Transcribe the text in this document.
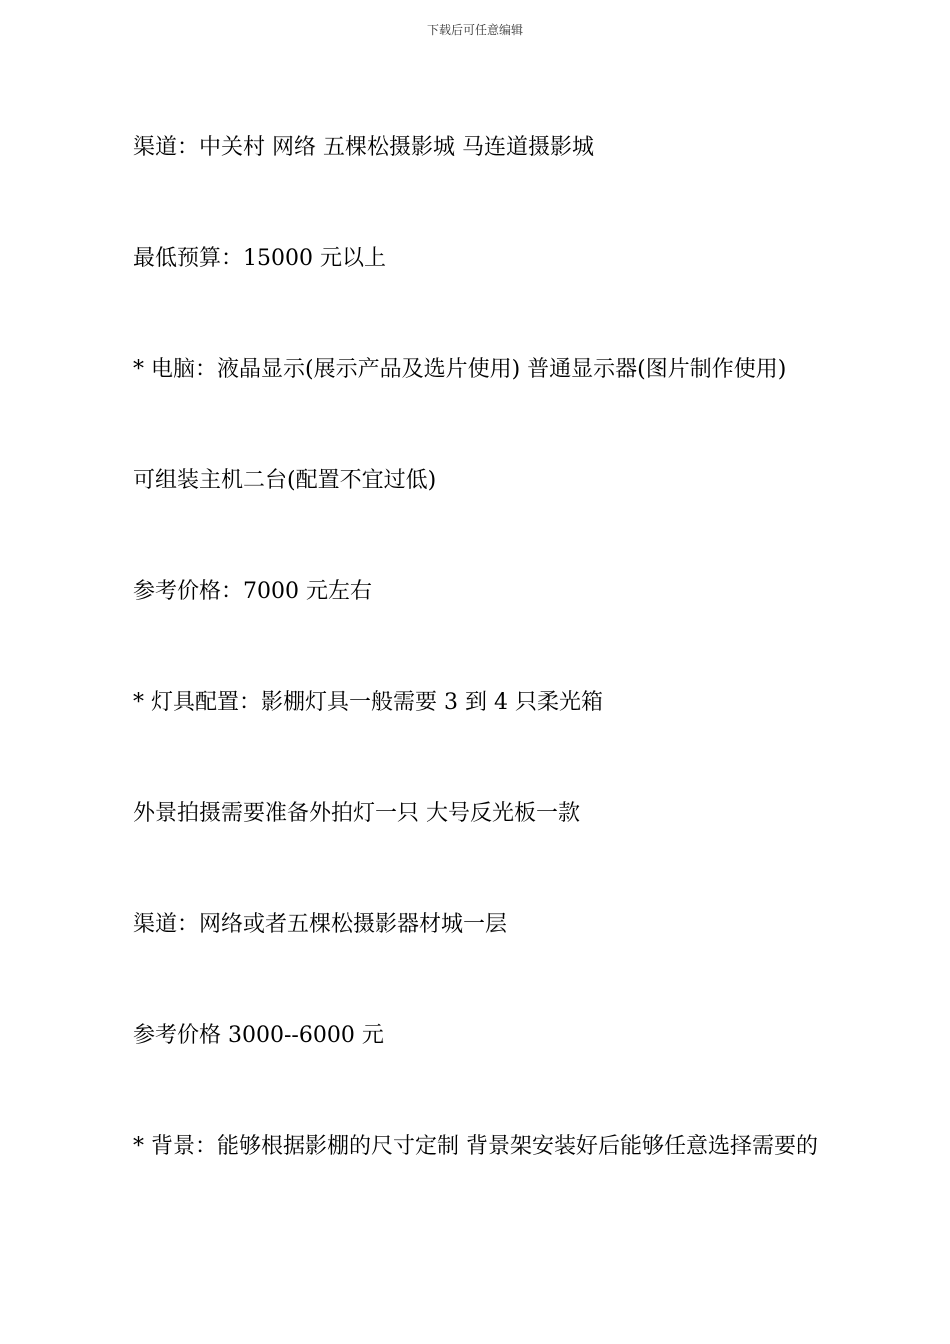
下载后可任意编辑
渠道：中关村 网络 五棵松摄影城 马连道摄影城
最低预算：15000 元以上
* 电脑：液晶显示(展示产品及选片使用) 普通显示器(图片制作使用)
可组装主机二台(配置不宜过低)
参考价格：7000 元左右
* 灯具配置：影棚灯具一般需要 3 到 4 只柔光箱
外景拍摄需要准备外拍灯一只 大号反光板一款
渠道：网络或者五棵松摄影器材城一层
参考价格 3000--6000 元
* 背景：能够根据影棚的尺寸定制 背景架安装好后能够任意选择需要的
